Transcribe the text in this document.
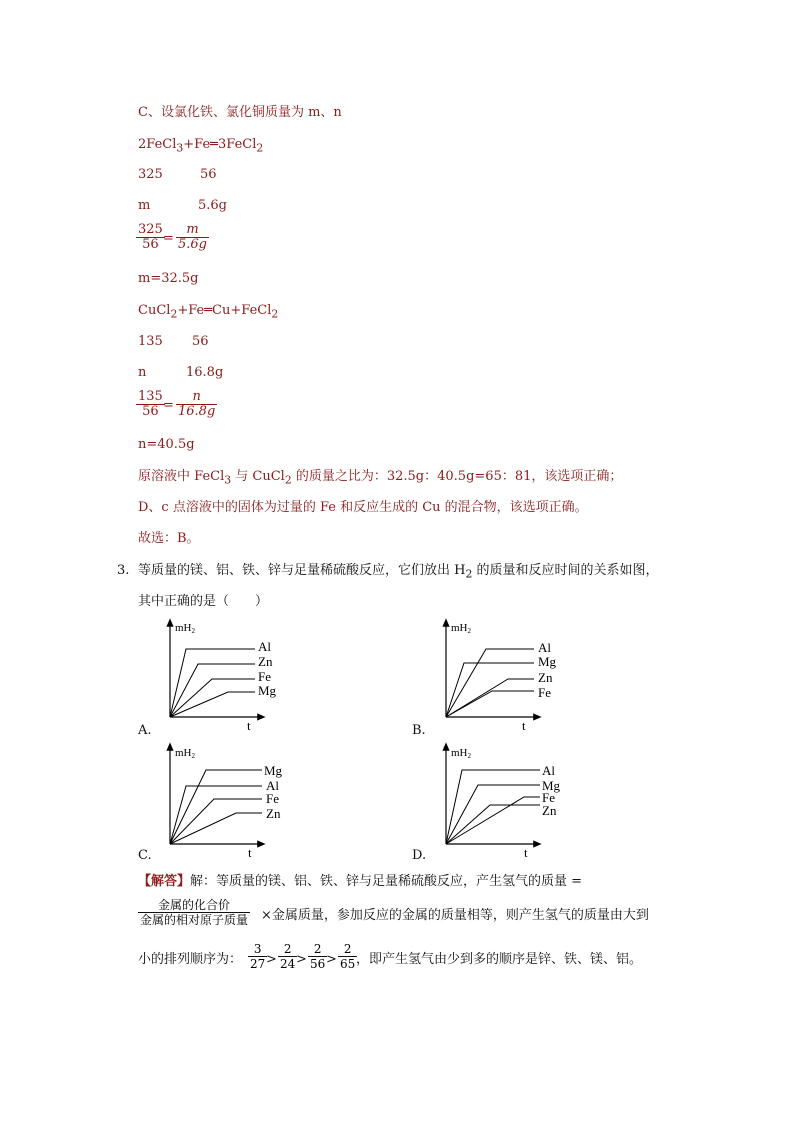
C、设氯化铁、氯化铜质量为 m、n
2FeCl$_3$+Fe═3FeCl$_2$
325	56
m	5.6g
325
56 =
m
5.6g
m=32.5g
CuCl$_2$+Fe═Cu+FeCl$_2$
135 56
n	16.8g
135
56 =
n
16.8g
n=40.5g
原溶液中 FeCl$_3$ 与 CuCl$_2$ 的质量之比为：32.5g：40.5g=65：81，该选项正确；
D、c 点溶液中的固体为过量的 Fe 和反应生成的 Cu 的混合物，该选项正确。
故选：B。
3. 等质量的镁、铝、铁、锌与足量稀硫酸反应，它们放出 $H_2$ 的质量和反应时间的关系如图，
其中正确的是（　　）
mH2
Al
Zn
Fe
Mg
t
A.
mH2
Al
Mg
Zn
Fe
t
B.
mH2
Mg
Al
Fe
Zn
t
C.
mH2
Al
Mg
Fe
Zn
t
D.
【解答】解：等质量的镁、铝、铁、锌与足量稀硫酸反应，产生氢气的质量 =
金属的化合价
金属的相对原子质量 ×金属质量，参加反应的金属的质量相等，则产生氢气的质量由大到
小的排列顺序为：
3
27 >
2
24 >
2
56 >
2
65 ，即产生氢气由少到多的顺序是锌、铁、镁、铝。
